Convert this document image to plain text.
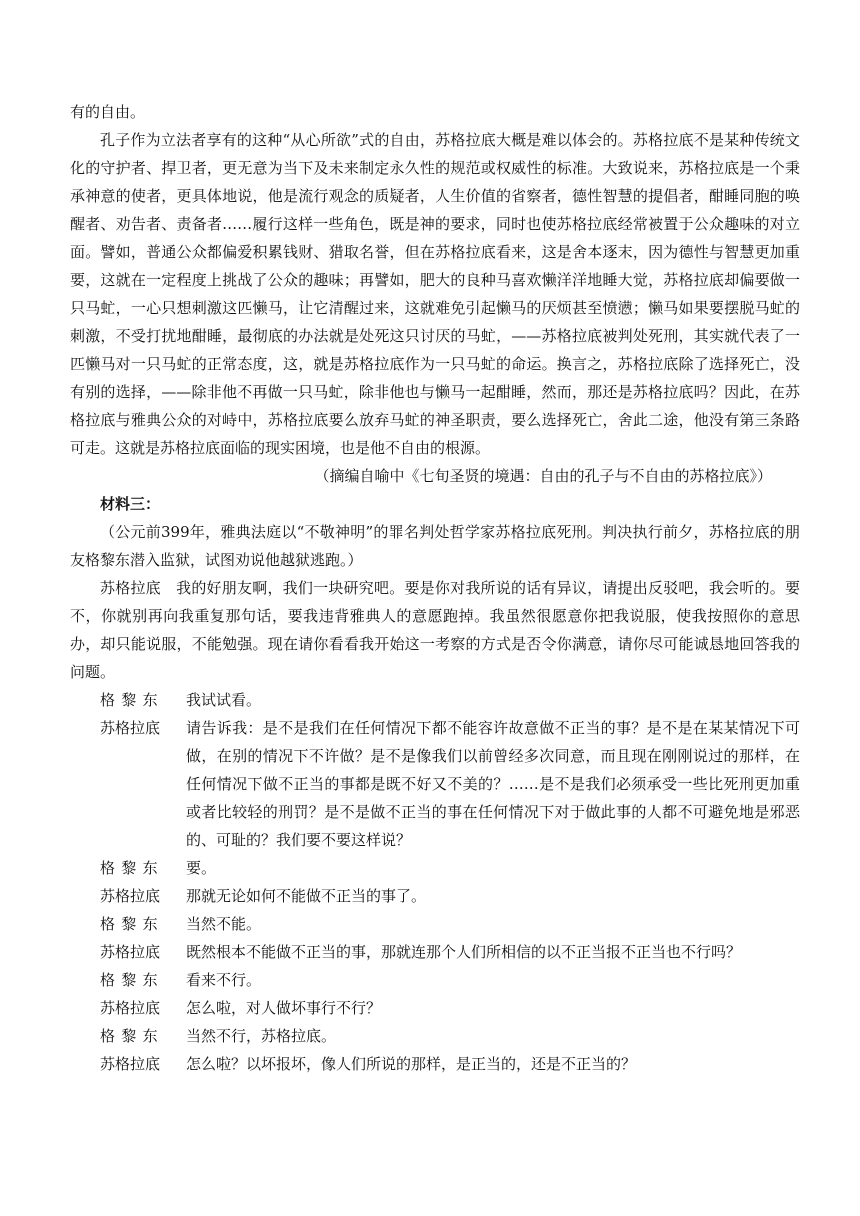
有的自由。

孔子作为立法者享有的这种“从心所欲”式的自由，苏格拉底大概是难以体会的。苏格拉底不是某种传统文化的守护者、捍卫者，更无意为当下及未来制定永久性的规范或权威性的标准。大致说来，苏格拉底是一个秉承神意的使者，更具体地说，他是流行观念的质疑者，人生价值的省察者，德性智慧的提倡者，酣睡同胞的唤醒者、劝告者、责备者……履行这样一些角色，既是神的要求，同时也使苏格拉底经常被置于公众趣味的对立面。譬如，普通公众都偏爱积累钱财、猎取名誉，但在苏格拉底看来，这是舍本逐末，因为德性与智慧更加重要，这就在一定程度上挑战了公众的趣味；再譬如，肥大的良种马喜欢懒洋洋地睡大觉，苏格拉底却偏要做一只马虻，一心只想刺激这匹懒马，让它清醒过来，这就难免引起懒马的厌烦甚至愤懑；懒马如果要摆脱马虻的刺激，不受打扰地酣睡，最彻底的办法就是处死这只讨厌的马虻，——苏格拉底被判处死刑，其实就代表了一匹懒马对一只马虻的正常态度，这，就是苏格拉底作为一只马虻的命运。换言之，苏格拉底除了选择死亡，没有别的选择，——除非他不再做一只马虻，除非他也与懒马一起酣睡，然而，那还是苏格拉底吗？因此，在苏格拉底与雅典公众的对峙中，苏格拉底要么放弃马虻的神圣职责，要么选择死亡，舍此二途，他没有第三条路可走。这就是苏格拉底面临的现实困境，也是他不自由的根源。

（摘编自喻中《七旬圣贤的境遇：自由的孔子与不自由的苏格拉底》）

材料三：

（公元前399年，雅典法庭以“不敬神明”的罪名判处哲学家苏格拉底死刑。判决执行前夕，苏格拉底的朋友格黎东潜入监狱，试图劝说他越狱逃跑。）

苏格拉底　我的好朋友啊，我们一块研究吧。要是你对我所说的话有异议，请提出反驳吧，我会听的。要不，你就别再向我重复那句话，要我违背雅典人的意愿跑掉。我虽然很愿意你把我说服，使我按照你的意思办，却只能说服，不能勉强。现在请你看看我开始这一考察的方式是否令你满意，请你尽可能诚恳地回答我的问题。

格黎东	我试试看。
苏格拉底	请告诉我：是不是我们在任何情况下都不能容许故意做不正当的事？是不是在某某情况下可做，在别的情况下不许做？是不是像我们以前曾经多次同意，而且现在刚刚说过的那样，在任何情况下做不正当的事都是既不好又不美的？……是不是我们必须承受一些比死刑更加重或者比较轻的刑罚？是不是做不正当的事在任何情况下对于做此事的人都不可避免地是邪恶的、可耻的？我们要不要这样说？
格黎东	要。
苏格拉底	那就无论如何不能做不正当的事了。
格黎东	当然不能。
苏格拉底	既然根本不能做不正当的事，那就连那个人们所相信的以不正当报不正当也不行吗？
格黎东	看来不行。
苏格拉底	怎么啦，对人做坏事行不行？
格黎东	当然不行，苏格拉底。
苏格拉底	怎么啦？以坏报坏，像人们所说的那样，是正当的，还是不正当的？
